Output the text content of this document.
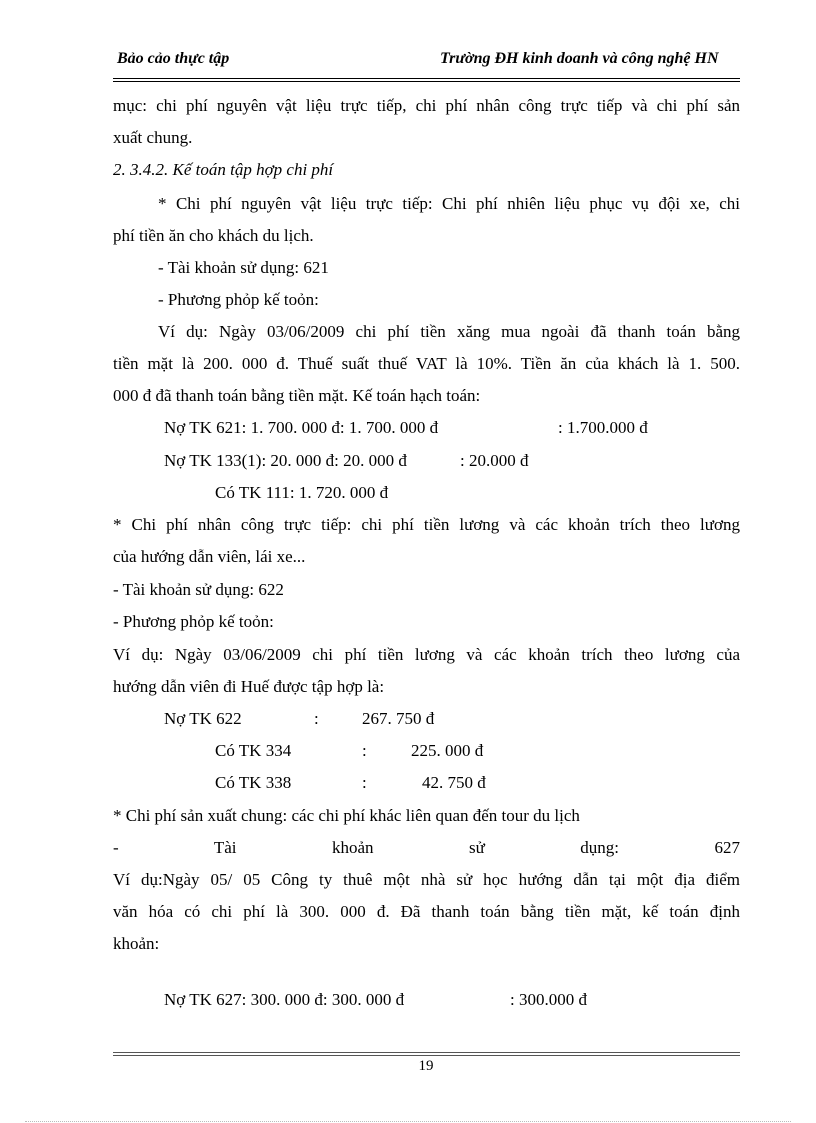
Bảo cảo thực tập	Trường ĐH kinh doanh và công nghệ HN
mục: chi phí nguyên vật liệu trực tiếp, chi phí nhân công trực tiếp và chi phí sản
xuất chung.
2. 3.4.2. Kế toán tập hợp chi phí
* Chi phí nguyên vật liệu trực tiếp: Chi phí nhiên liệu phục vụ đội xe, chi
phí tiền ăn cho khách du lịch.
- Tài khoản sử dụng: 621
- Phương phỏp kế toỏn:
Ví dụ: Ngày 03/06/2009 chi phí tiền xăng mua ngoài đã thanh toán bằng
tiền mặt là 200. 000 đ. Thuế suất thuế VAT là 10%. Tiền ăn của khách là 1. 500.
000 đ đã thanh toán bằng tiền mặt. Kế toán hạch toán:
Nợ TK 621: 1. 700. 000 đ: 1. 700. 000 đ	: 1.700.000 đ
Nợ TK 133(1): 20. 000 đ: 20. 000 đ	: 20.000 đ
Có TK 111: 1. 720. 000 đ
* Chi phí nhân công trực tiếp: chi phí tiền lương và các khoản trích theo lương
của hướng dẫn viên, lái xe...
- Tài khoản sử dụng: 622
- Phương phỏp kế toỏn:
Ví dụ: Ngày 03/06/2009 chi phí tiền lương và các khoản trích theo lương của
hướng dẫn viên đi Huế được tập hợp là:
Nợ TK 622	:	267. 750 đ
Có TK 334	:	225. 000 đ
Có TK 338	:	42. 750 đ
* Chi phí sản xuất chung: các chi phí khác liên quan đến tour du lịch
- Tài khoản sử dụng: 627
Ví dụ:Ngày 05/ 05 Công ty thuê một nhà sử học hướng dẫn tại một địa điểm
văn hóa có chi phí là 300. 000 đ. Đã thanh toán bằng tiền mặt, kế toán định
khoản:
Nợ TK 627: 300. 000 đ: 300. 000 đ	: 300.000 đ
19
